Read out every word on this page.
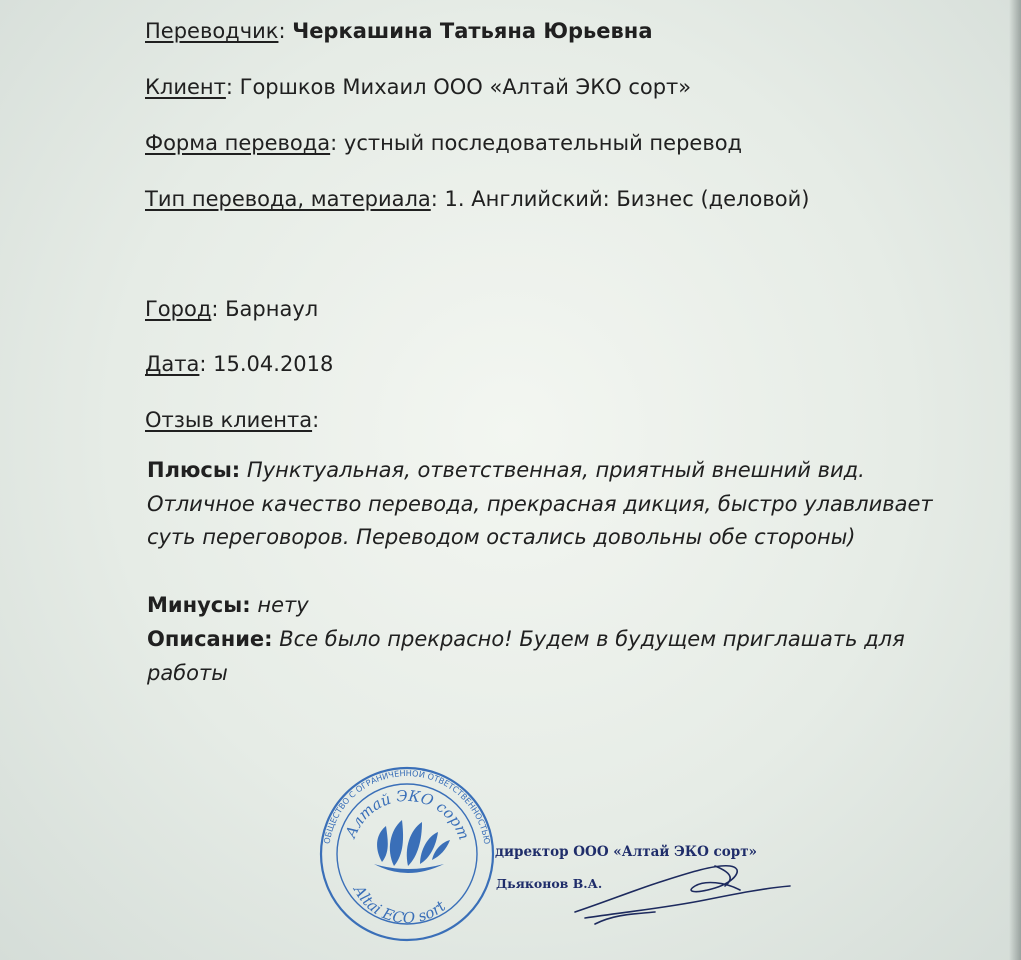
Переводчик: Черкашина Татьяна Юрьевна
Клиент: Горшков Михаил ООО «Алтай ЭКО сорт»
Форма перевода: устный последовательный перевод
Тип перевода, материала: 1. Английский: Бизнес (деловой)
Город: Барнаул
Дата: 15.04.2018
Отзыв клиента:
Плюсы: Пунктуальная, ответственная, приятный внешний вид. Отличное качество перевода, прекрасная дикция, быстро улавливает суть переговоров. Переводом остались довольны обе стороны)
Минусы: нету
Описание: Все было прекрасно! Будем в будущем приглашать для работы
ОБЩЕСТВО С ОГРАНИЧЕННОЙ ОТВЕТСТВЕННОСТЬЮ
Алтай ЭКО сорт
Altai ECO sort
директор ООО «Алтай ЭКО сорт»
Дьяконов В.А.
